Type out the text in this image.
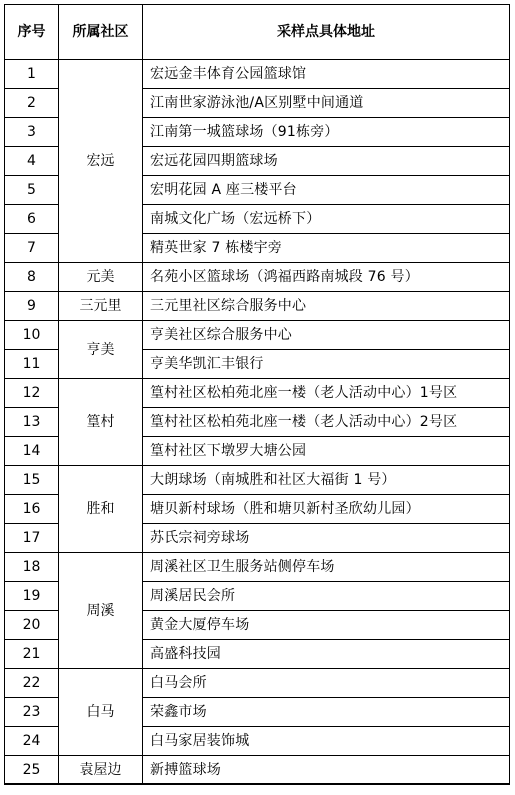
序号	所属社区	采样点具体地址
1	宏远	宏远金丰体育公园篮球馆
2		江南世家游泳池/A区别墅中间通道
3		江南第一城篮球场（91栋旁）
4		宏远花园四期篮球场
5		宏明花园 A 座三楼平台
6		南城文化广场（宏远桥下）
7		精英世家 7 栋楼宇旁
8	元美	名苑小区篮球场（鸿福西路南城段 76 号）
9	三元里	三元里社区综合服务中心
10	亨美	亨美社区综合服务中心
11		亨美华凯汇丰银行
12	篁村	篁村社区松柏苑北座一楼（老人活动中心）1号区
13		篁村社区松柏苑北座一楼（老人活动中心）2号区
14		篁村社区下墩罗大塘公园
15	胜和	大朗球场（南城胜和社区大福街 1 号）
16		塘贝新村球场（胜和塘贝新村圣欣幼儿园）
17		苏氏宗祠旁球场
18	周溪	周溪社区卫生服务站侧停车场
19		周溪居民会所
20		黄金大厦停车场
21		高盛科技园
22	白马	白马会所
23		荣鑫市场
24		白马家居装饰城
25	袁屋边	新搏篮球场
